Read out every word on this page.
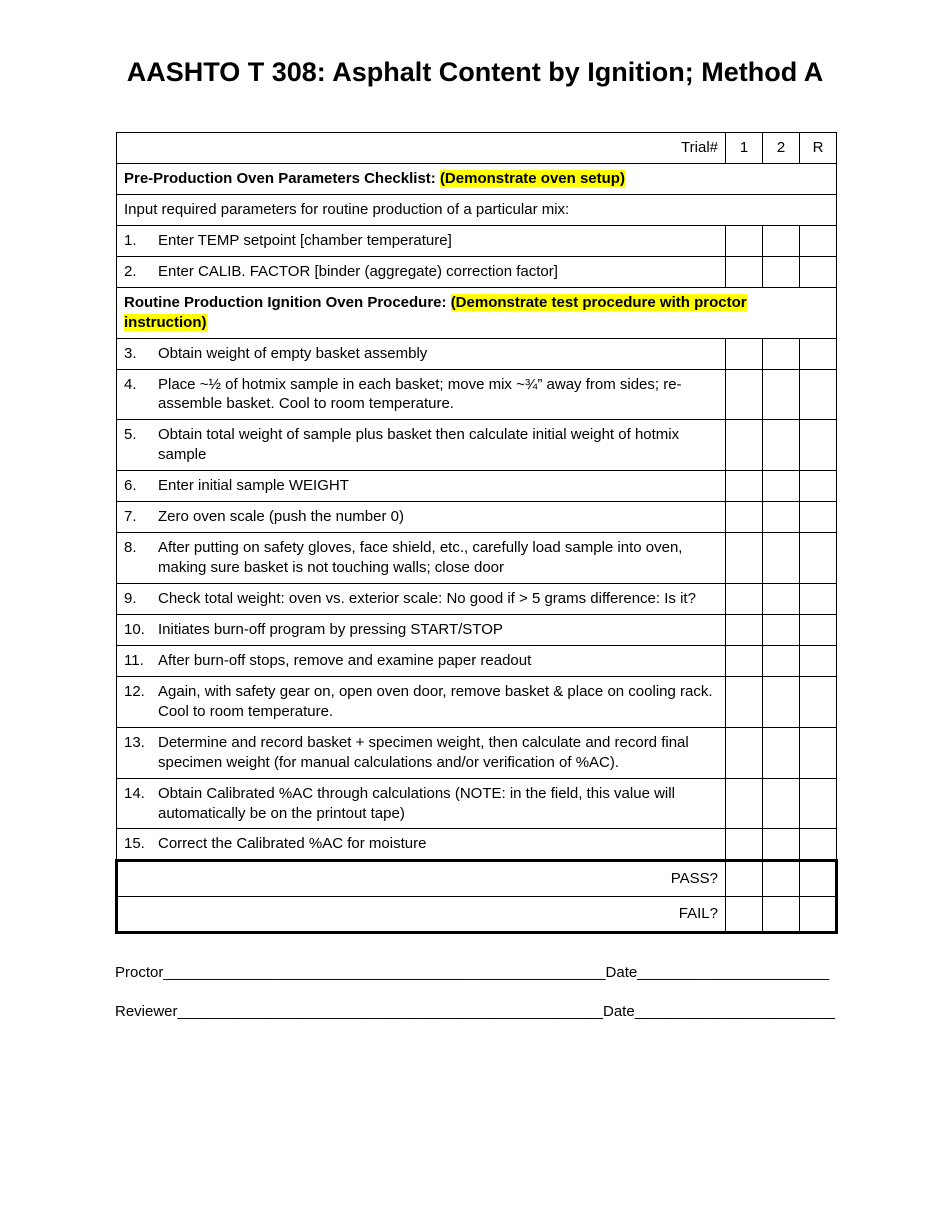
AASHTO T 308: Asphalt Content by Ignition; Method A
Trial#	1	2	R
Pre-Production Oven Parameters Checklist: (Demonstrate oven setup)			
Input required parameters for routine production of a particular mix:			

1. Enter TEMP setpoint [chamber temperature]			

2. Enter CALIB. FACTOR [binder (aggregate) correction factor]			

Routine Production Ignition Oven Procedure: (Demonstrate test procedure with proctor instruction)			

3. Obtain weight of empty basket assembly			

4. Place ~½ of hotmix sample in each basket; move mix ~¾” away from sides; re-assemble basket. Cool to room temperature.			

5. Obtain total weight of sample plus basket then calculate initial weight of hotmix sample			

6. Enter initial sample WEIGHT			

7. Zero oven scale (push the number 0)			

8. After putting on safety gloves, face shield, etc., carefully load sample into oven, making sure basket is not touching walls; close door			

9. Check total weight: oven vs. exterior scale: No good if > 5 grams difference: Is it?			

10. Initiates burn-off program by pressing START/STOP			

11. After burn-off stops, remove and examine paper readout			

12. Again, with safety gear on, open oven door, remove basket & place on cooling rack. Cool to room temperature.			

13. Determine and record basket + specimen weight, then calculate and record final specimen weight (for manual calculations and/or verification of %AC).			

14. Obtain Calibrated %AC through calculations (NOTE: in the field, this value will automatically be on the printout tape)			

15. Correct the Calibrated %AC for moisture			

PASS?			
FAIL?			

Proctor_____________________________________________________Date_______________________

Reviewer___________________________________________________Date________________________
